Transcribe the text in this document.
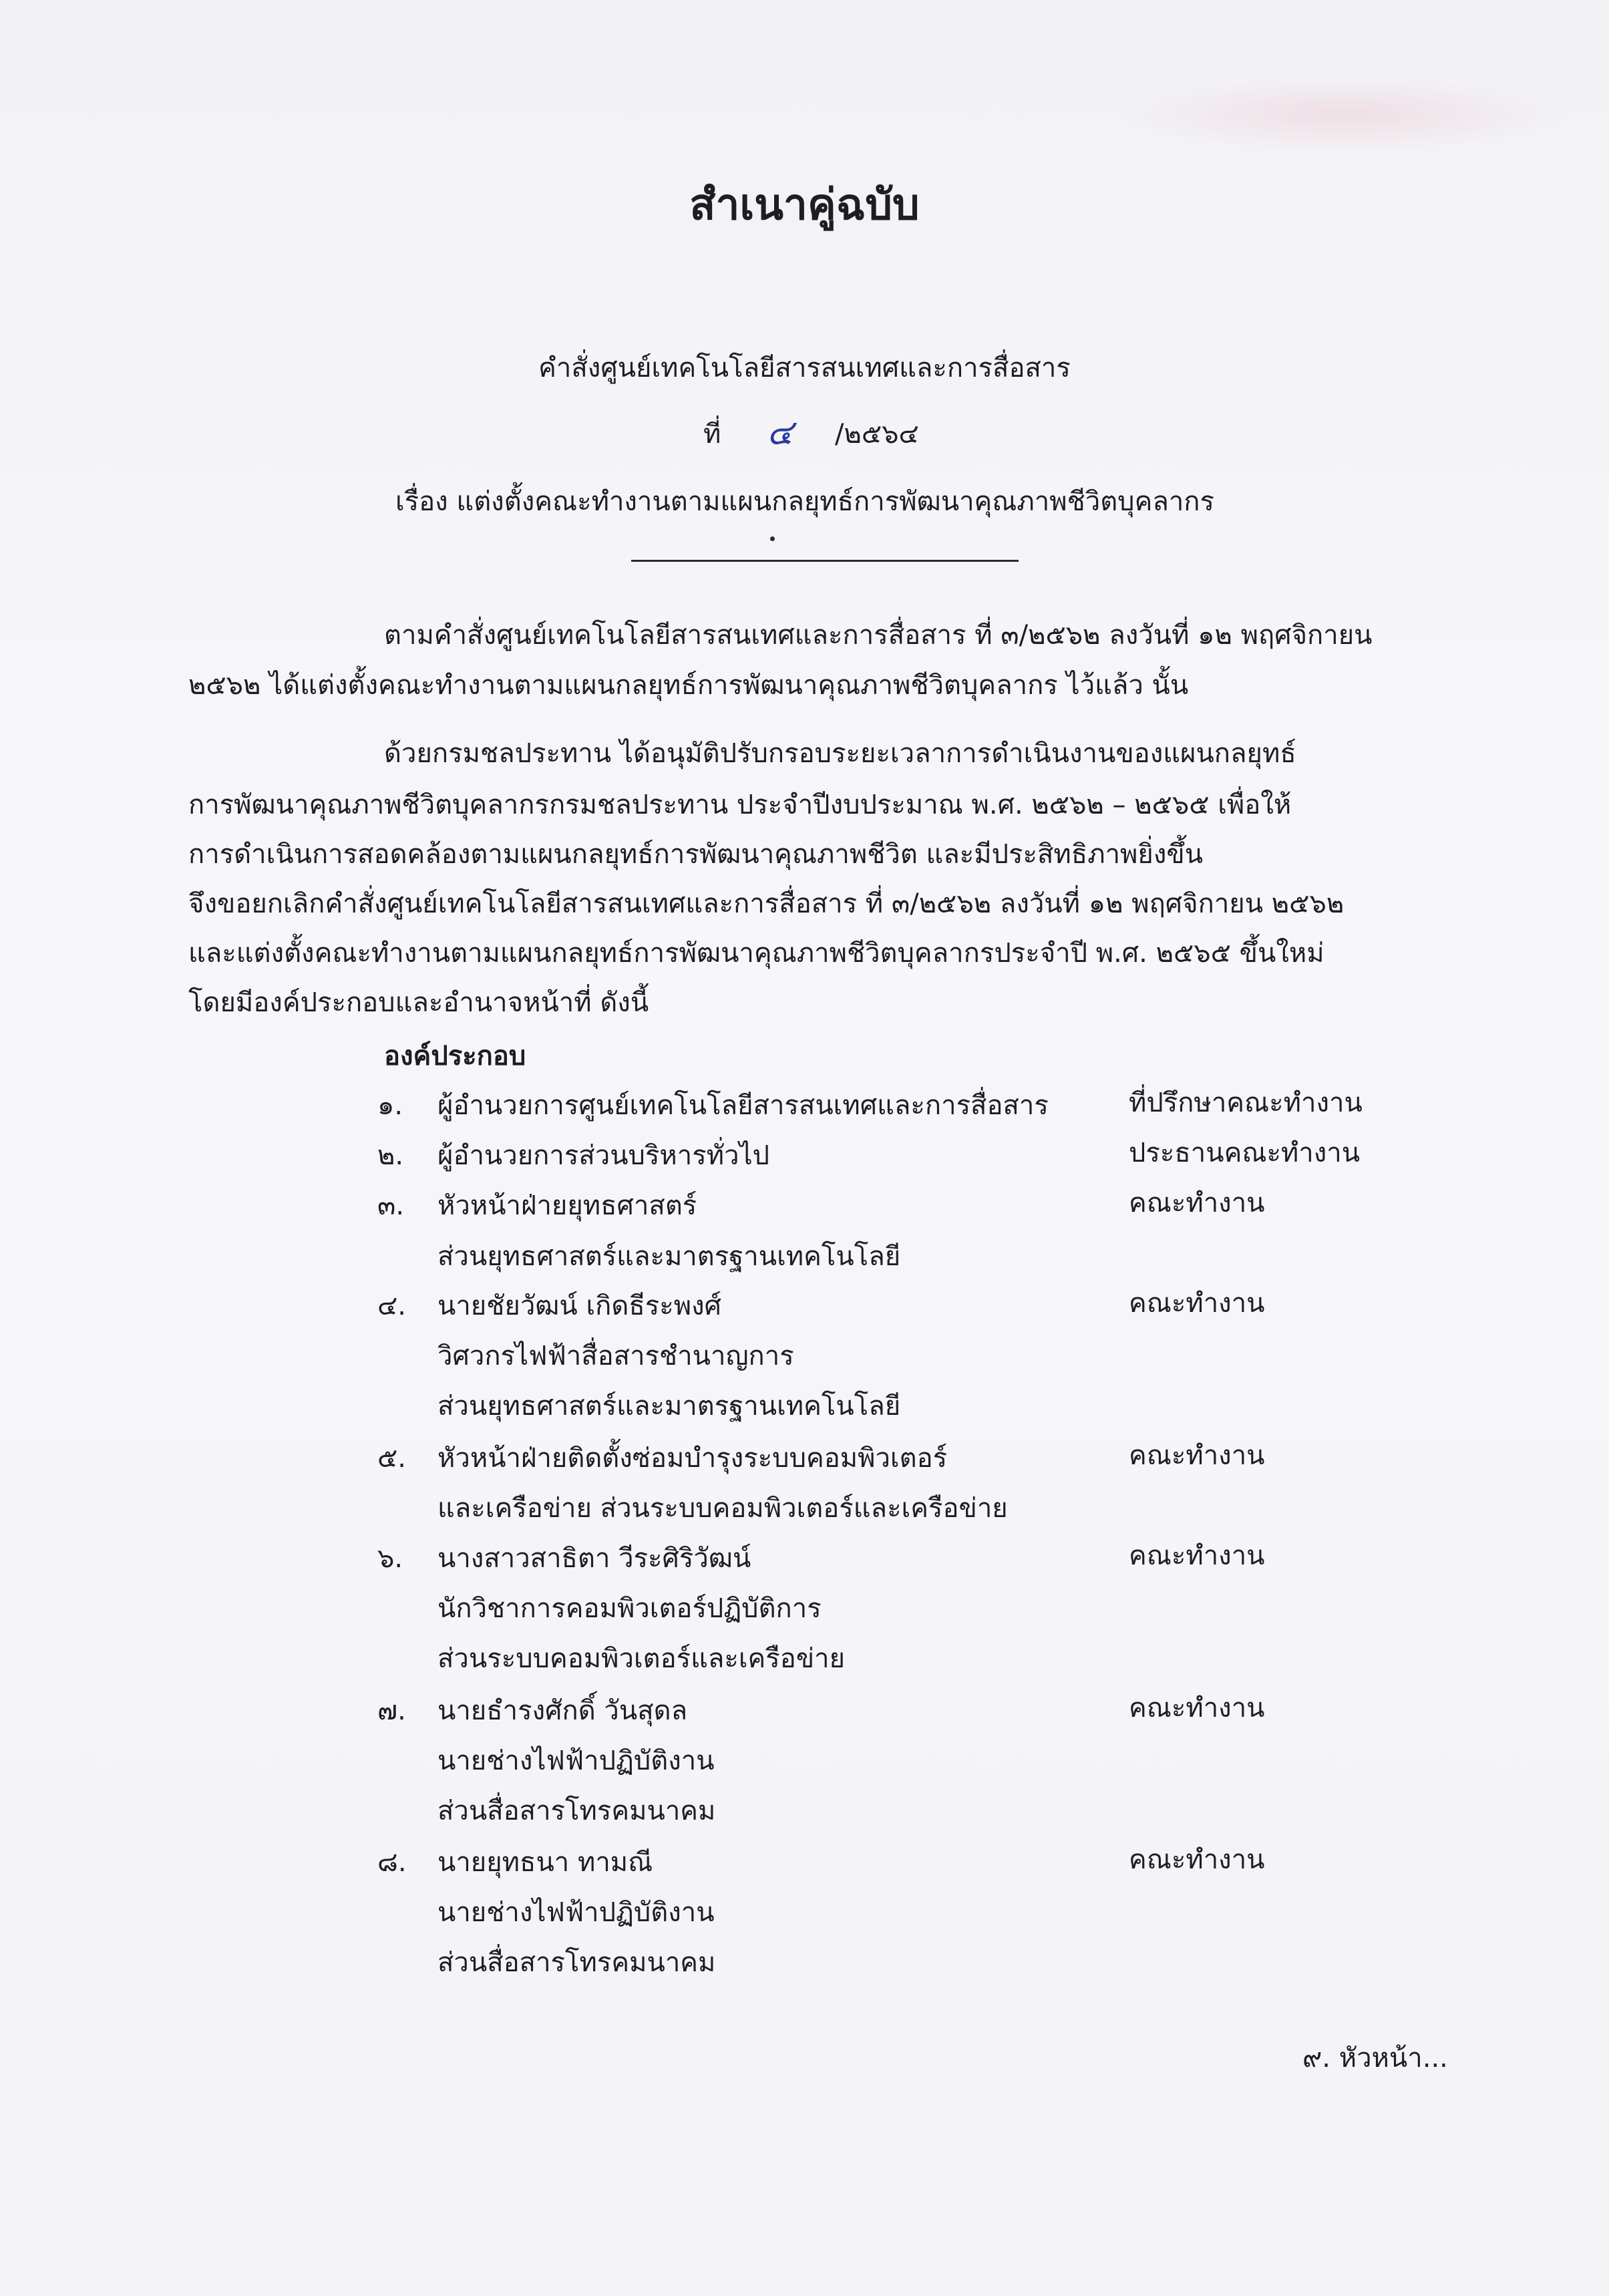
สำเนาคู่ฉบับ
คำสั่งศูนย์เทคโนโลยีสารสนเทศและการสื่อสาร
ที่ ๔ /๒๕๖๔
เรื่อง แต่งตั้งคณะทำงานตามแผนกลยุทธ์การพัฒนาคุณภาพชีวิตบุคลากร
ตามคำสั่งศูนย์เทคโนโลยีสารสนเทศและการสื่อสาร ที่ ๓/๒๕๖๒ ลงวันที่ ๑๒ พฤศจิกายน
๒๕๖๒ ได้แต่งตั้งคณะทำงานตามแผนกลยุทธ์การพัฒนาคุณภาพชีวิตบุคลากร ไว้แล้ว นั้น
ด้วยกรมชลประทาน ได้อนุมัติปรับกรอบระยะเวลาการดำเนินงานของแผนกลยุทธ์
การพัฒนาคุณภาพชีวิตบุคลากรกรมชลประทาน ประจำปีงบประมาณ พ.ศ. ๒๕๖๒ – ๒๕๖๕ เพื่อให้
การดำเนินการสอดคล้องตามแผนกลยุทธ์การพัฒนาคุณภาพชีวิต และมีประสิทธิภาพยิ่งขึ้น
จึงขอยกเลิกคำสั่งศูนย์เทคโนโลยีสารสนเทศและการสื่อสาร ที่ ๓/๒๕๖๒ ลงวันที่ ๑๒ พฤศจิกายน ๒๕๖๒
และแต่งตั้งคณะทำงานตามแผนกลยุทธ์การพัฒนาคุณภาพชีวิตบุคลากรประจำปี พ.ศ. ๒๕๖๕ ขึ้นใหม่
โดยมีองค์ประกอบและอำนาจหน้าที่ ดังนี้
องค์ประกอบ
๑. ผู้อำนวยการศูนย์เทคโนโลยีสารสนเทศและการสื่อสาร	ที่ปรึกษาคณะทำงาน
๒. ผู้อำนวยการส่วนบริหารทั่วไป	ประธานคณะทำงาน
๓. หัวหน้าฝ่ายยุทธศาสตร์
ส่วนยุทธศาสตร์และมาตรฐานเทคโนโลยี
คณะทำงาน
๔. นายชัยวัฒน์ เกิดธีระพงศ์
วิศวกรไฟฟ้าสื่อสารชำนาญการ
ส่วนยุทธศาสตร์และมาตรฐานเทคโนโลยี
คณะทำงาน
๕. หัวหน้าฝ่ายติดตั้งซ่อมบำรุงระบบคอมพิวเตอร์
และเครือข่าย ส่วนระบบคอมพิวเตอร์และเครือข่าย
คณะทำงาน
๖. นางสาวสาธิตา วีระศิริวัฒน์
นักวิชาการคอมพิวเตอร์ปฏิบัติการ
ส่วนระบบคอมพิวเตอร์และเครือข่าย
คณะทำงาน
๗. นายธำรงศักดิ์ วันสุดล
นายช่างไฟฟ้าปฏิบัติงาน
ส่วนสื่อสารโทรคมนาคม
คณะทำงาน
๘. นายยุทธนา ทามณี
นายช่างไฟฟ้าปฏิบัติงาน
ส่วนสื่อสารโทรคมนาคม
คณะทำงาน
๙. หัวหน้า...
